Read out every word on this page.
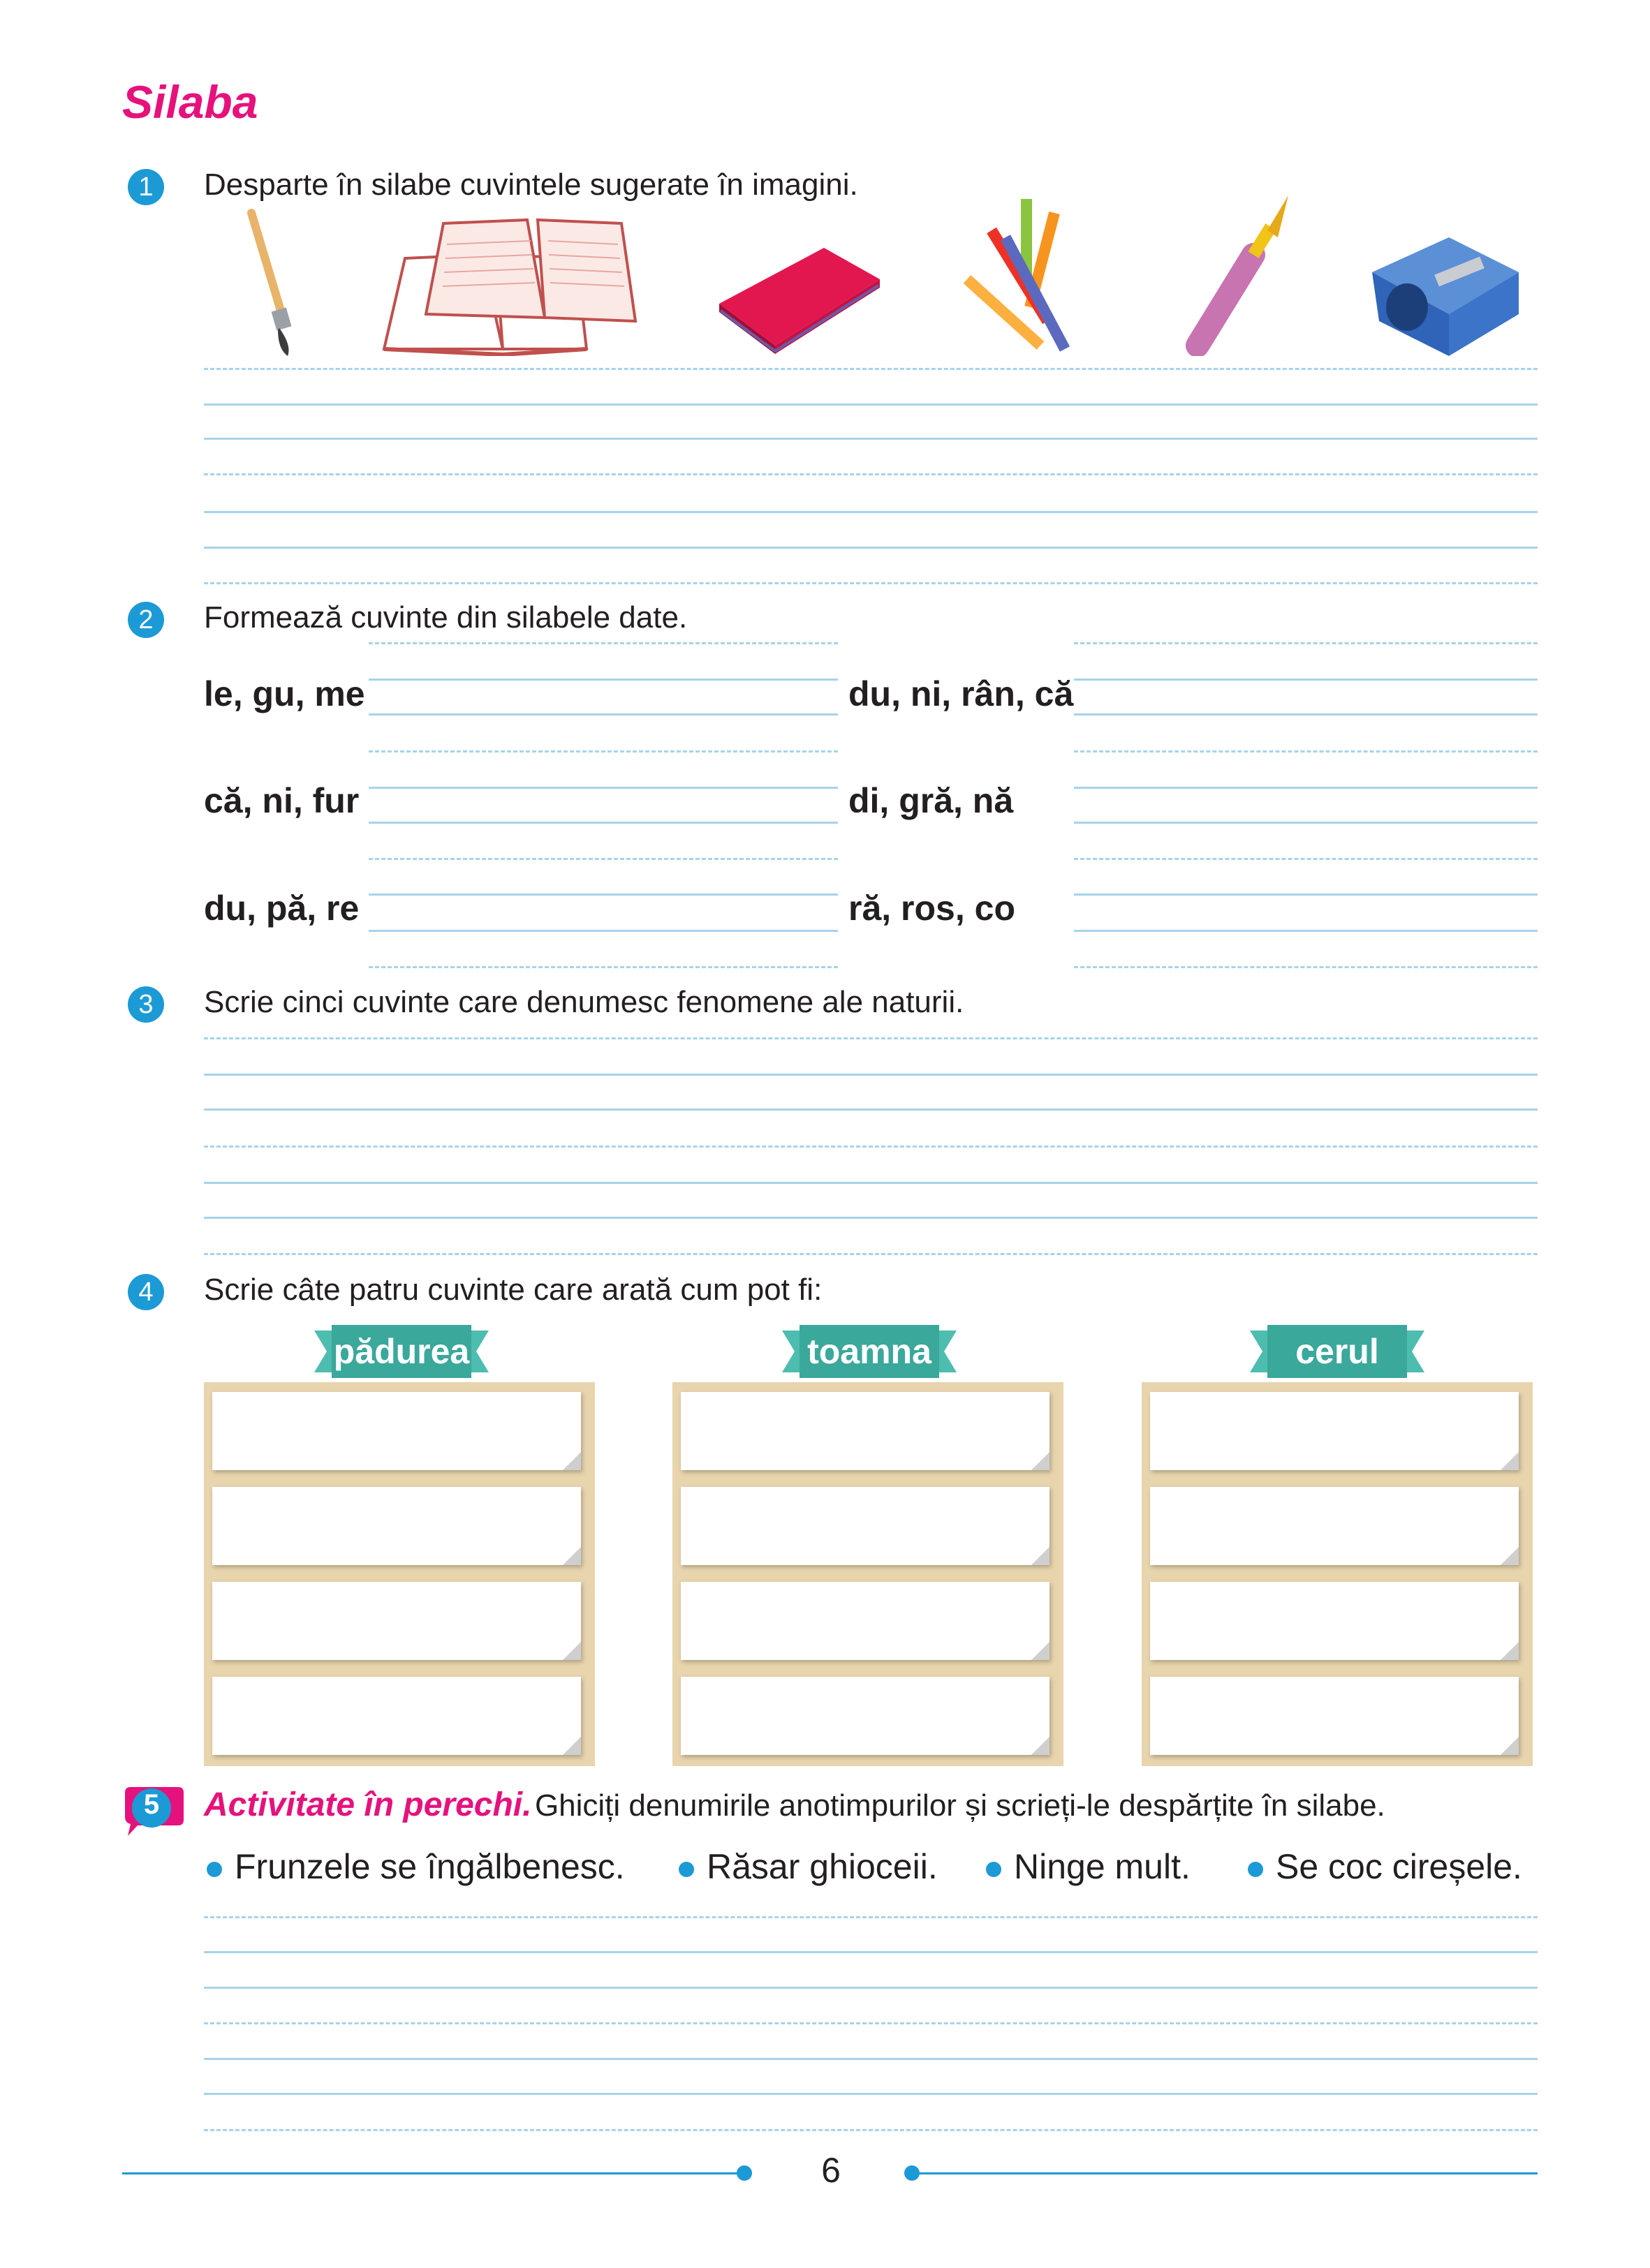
Silaba
1	Desparte în silabe cuvintele sugerate în imagini.
2	Formează cuvinte din silabele date.
le, gu, me
că, ni, fur
du, pă, re
du, ni, rân, că
di, gră, nă
ră, ros, co
3	Scrie cinci cuvinte care denumesc fenomene ale naturii.
4	Scrie câte patru cuvinte care arată cum pot fi:
pădurea	toamna	cerul
5	Activitate în perechi. Ghiciți denumirile anotimpurilor și scrieți-le despărțite în silabe.
Frunzele se îngălbenesc.	Răsar ghioceii.	Ninge mult.	Se coc cireșele.
6
